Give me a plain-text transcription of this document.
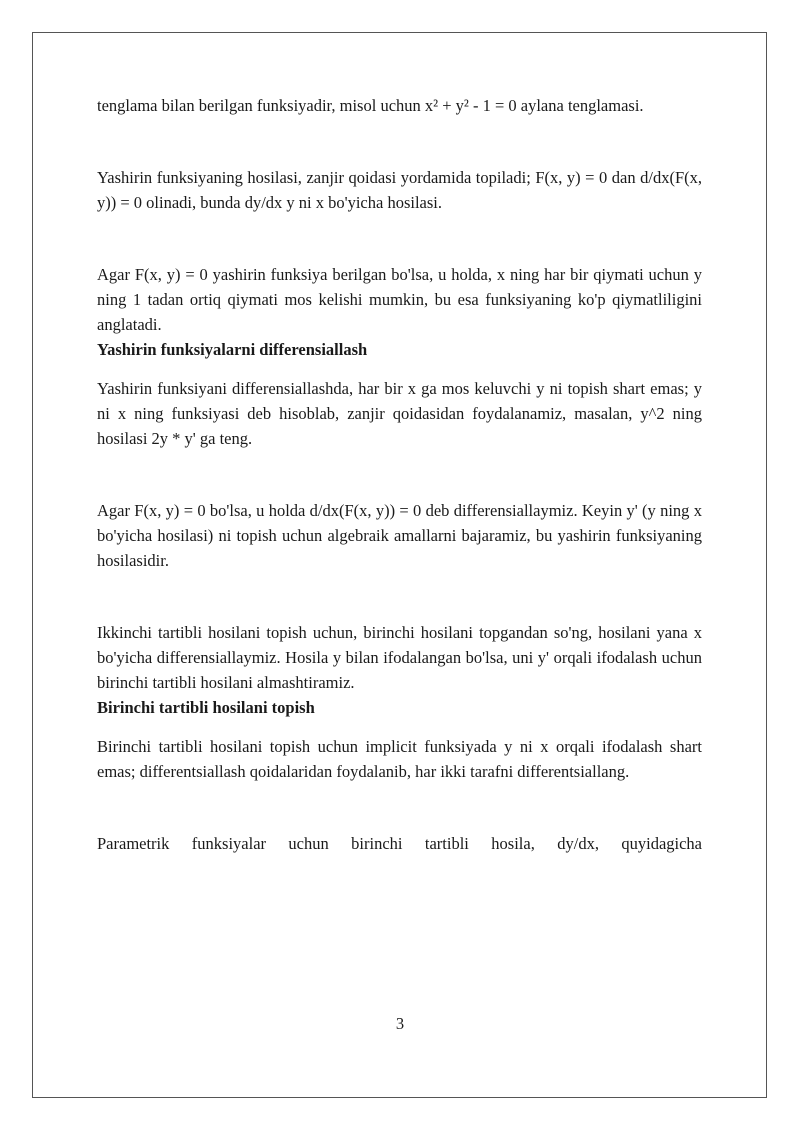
tenglama bilan berilgan funksiyadir, misol uchun x² + y² - 1 = 0 aylana tenglamasi.

Yashirin funksiyaning hosilasi, zanjir qoidasi yordamida topiladi; F(x, y) = 0 dan d/dx(F(x, y)) = 0 olinadi, bunda dy/dx y ni x bo'yicha hosilasi.

Agar F(x, y) = 0 yashirin funksiya berilgan bo'lsa, u holda, x ning har bir qiymati uchun y ning 1 tadan ortiq qiymati mos kelishi mumkin, bu esa funksiyaning ko'p qiymatliligini anglatadi.

Yashirin funksiyalarni differensiallash

Yashirin funksiyani differensiallashda, har bir x ga mos keluvchi y ni topish shart emas; y ni x ning funksiyasi deb hisoblab, zanjir qoidasidan foydalanamiz, masalan, y^2 ning hosilasi 2y * y' ga teng.

Agar F(x, y) = 0 bo'lsa, u holda d/dx(F(x, y)) = 0 deb differensiallaymiz. Keyin y' (y ning x bo'yicha hosilasi) ni topish uchun algebraik amallarni bajaramiz, bu yashirin funksiyaning hosilasidir.

Ikkinchi tartibli hosilani topish uchun, birinchi hosilani topgandan so'ng, hosilani yana x bo'yicha differensiallaymiz. Hosila y bilan ifodalangan bo'lsa, uni y' orqali ifodalash uchun birinchi tartibli hosilani almashtiramiz.

Birinchi tartibli hosilani topish

Birinchi tartibli hosilani topish uchun implicit funksiyada y ni x orqali ifodalash shart emas; differentsiallash qoidalaridan foydalanib, har ikki tarafni differentsiallang.

Parametrik funksiyalar uchun birinchi tartibli hosila, dy/dx, quyidagicha

3
